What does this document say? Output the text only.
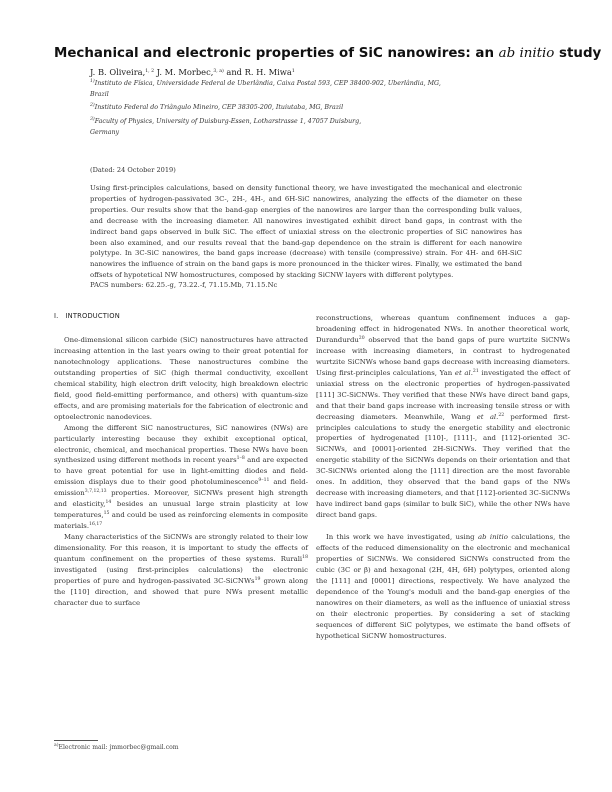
Mechanical and electronic properties of SiC nanowires: an ab initio study
J. B. Oliveira,$^{1, 2}$ J. M. Morbec,$^{3, a)}$ and R. H. Miwa$^1$
$^{1)}$Instituto de Física, Universidade Federal de Uberlândia, Caixa Postal 593, CEP 38400-902, Uberlândia, MG,
Brazil
$^{2)}$Instituto Federal do Triângulo Mineiro, CEP 38305-200, Ituiutaba, MG, Brazil
$^{3)}$Faculty of Physics, University of Duisburg-Essen, Lotharstrasse 1, 47057 Duisburg,
Germany
(Dated: 24 October 2019)
Using first-principles calculations, based on density functional theory, we have investigated the mechanical and electronic properties of hydrogen-passivated 3C-, 2H-, 4H-, and 6H-SiC nanowires, analyzing the effects of the diameter on these properties. Our results show that the band-gap energies of the nanowires are larger than the corresponding bulk values, and decrease with the increasing diameter. All nanowires investigated exhibit direct band gaps, in contrast with the indirect band gaps observed in bulk SiC. The effect of uniaxial stress on the electronic properties of SiC nanowires has been also examined, and our results reveal that the band-gap dependence on the strain is different for each nanowire polytype. In 3C-SiC nanowires, the band gaps increase (decrease) with tensile (compressive) strain. For 4H- and 6H-SiC nanowires the influence of strain on the band gaps is more pronounced in the thicker wires. Finally, we estimated the band offsets of hypotetical NW homostructures, composed by stacking SiCNW layers with different polytypes.
PACS numbers: 62.25.-g, 73.22.-f, 71.15.Mb, 71.15.Nc
I. INTRODUCTION

One-dimensional silicon carbide (SiC) nanostructures have attracted increasing attention in the last years owing to their great potential for nanotechnology applications. These nanostructures combine the outstanding properties of SiC (high thermal conductivity, excellent chemical stability, high electron drift velocity, high breakdown electric field, good field-emitting performance, and others) with quantum-size effects, and are promising materials for the fabrication of electronic and optoelectronic nanodevices.

Among the different SiC nanostructures, SiC nanowires (NWs) are particularly interesting because they exhibit exceptional optical, electronic, chemical, and mechanical properties. These NWs have been synthesized using different methods in recent years$^{1-8}$ and are expected to have great potential for use in light-emitting diodes and field-emission displays due to their good photoluminescence$^{9-11}$ and field-emission$^{3,7,12,13}$ properties. Moreover, SiCNWs present high strength and elasticity,$^{14}$ besides an unusual large strain plasticity at low temperatures,$^{15}$ and could be used as reinforcing elements in composite materials.$^{16,17}$

Many characteristics of the SiCNWs are strongly related to their low dimensionality. For this reason, it is important to study the effects of quantum confinement on the properties of these systems. Rurali$^{18}$ investigated (using first-principles calculations) the electronic properties of pure and hydrogen-passivated 3C-SiCNWs$^{19}$ grown along the [110] direction, and showed that pure NWs present metallic character due to surface

reconstructions, whereas quantum confinement induces a gap-broadening effect in hidrogenated NWs. In another theoretical work, Durandurdu$^{20}$ observed that the band gaps of pure wurtzite SiCNWs increase with increasing diameters, in contrast to hydrogenated wurtzite SiCNWs whose band gaps decrease with increasing diameters. Using first-principles calculations, Yan et al.$^{21}$ investigated the effect of uniaxial stress on the electronic properties of hydrogen-passivated [111] 3C-SiCNWs. They verified that these NWs have direct band gaps, and that their band gaps increase with increasing tensile stress or with decreasing diameters. Meanwhile, Wang et al.$^{22}$ performed first-principles calculations to study the energetic stability and electronic properties of hydrogenated [110]-, [111]-, and [112]-oriented 3C-SiCNWs, and [0001]-oriented 2H-SiCNWs. They verified that the energetic stability of the SiCNWs depends on their orientation and that 3C-SiCNWs oriented along the [111] direction are the most favorable ones. In addition, they observed that the band gaps of the NWs decrease with increasing diameters, and that [112]-oriented 3C-SiCNWs have indirect band gaps (similar to bulk SiC), while the other NWs have direct band gaps.

In this work we have investigated, using ab initio calculations, the effects of the reduced dimensionality on the electronic and mechanical properties of SiCNWs. We considered SiCNWs constructed from the cubic (3C or β) and hexagonal (2H, 4H, 6H) polytypes, oriented along the [111] and [0001] directions, respectively. We have analyzed the dependence of the Young's moduli and the band-gap energies of the nanowires on their diameters, as well as the influence of uniaxial stress on their electronic properties. By considering a set of stacking sequences of different SiC polytypes, we estimate the band offsets of hypothetical SiCNW homostructures.

$^{a)}$Electronic mail: jmmorbec@gmail.com
